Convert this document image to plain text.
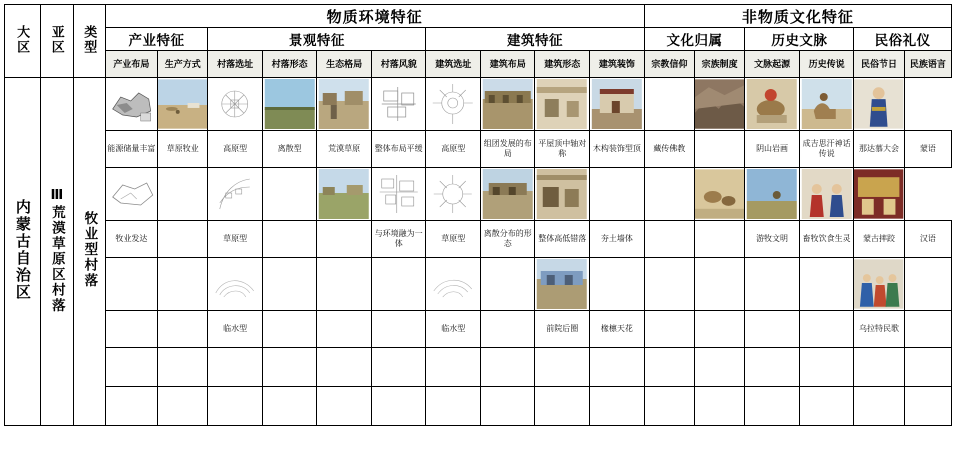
大区	亚区	类型	物质环境特征										非物质文化特征					
			产业特征		景观特征				建筑特征				文化归属		历史文脉		民俗礼仪	
			产业布局	生产方式	村落选址	村落形态	生态格局	村落风貌	建筑选址	建筑布局	建筑形态	建筑装饰	宗教信仰	宗族制度	文脉起源	历史传说	民俗节日	民族语言
内蒙古自治区	Ⅲ荒漠草原区村落	牧业型村落	

			能源储量丰富	草原牧业	高原型	离散型	荒漠草原	整体布局平缓	高原型	组团发展的布局	平屋顶中轴对称	木构装饰型顶	藏传佛教		阴山岩画	成吉思汗神话传说	那达慕大会	蒙语

			牧业发达		草原型			与环境融为一体	草原型	离散分布的形态	整体高低错落	夯土墙体			游牧文明	畜牧饮食生灵	蒙古摔跤	汉语

					临水型				临水型		前院后圈	椽檩天花					乌拉特民歌	
